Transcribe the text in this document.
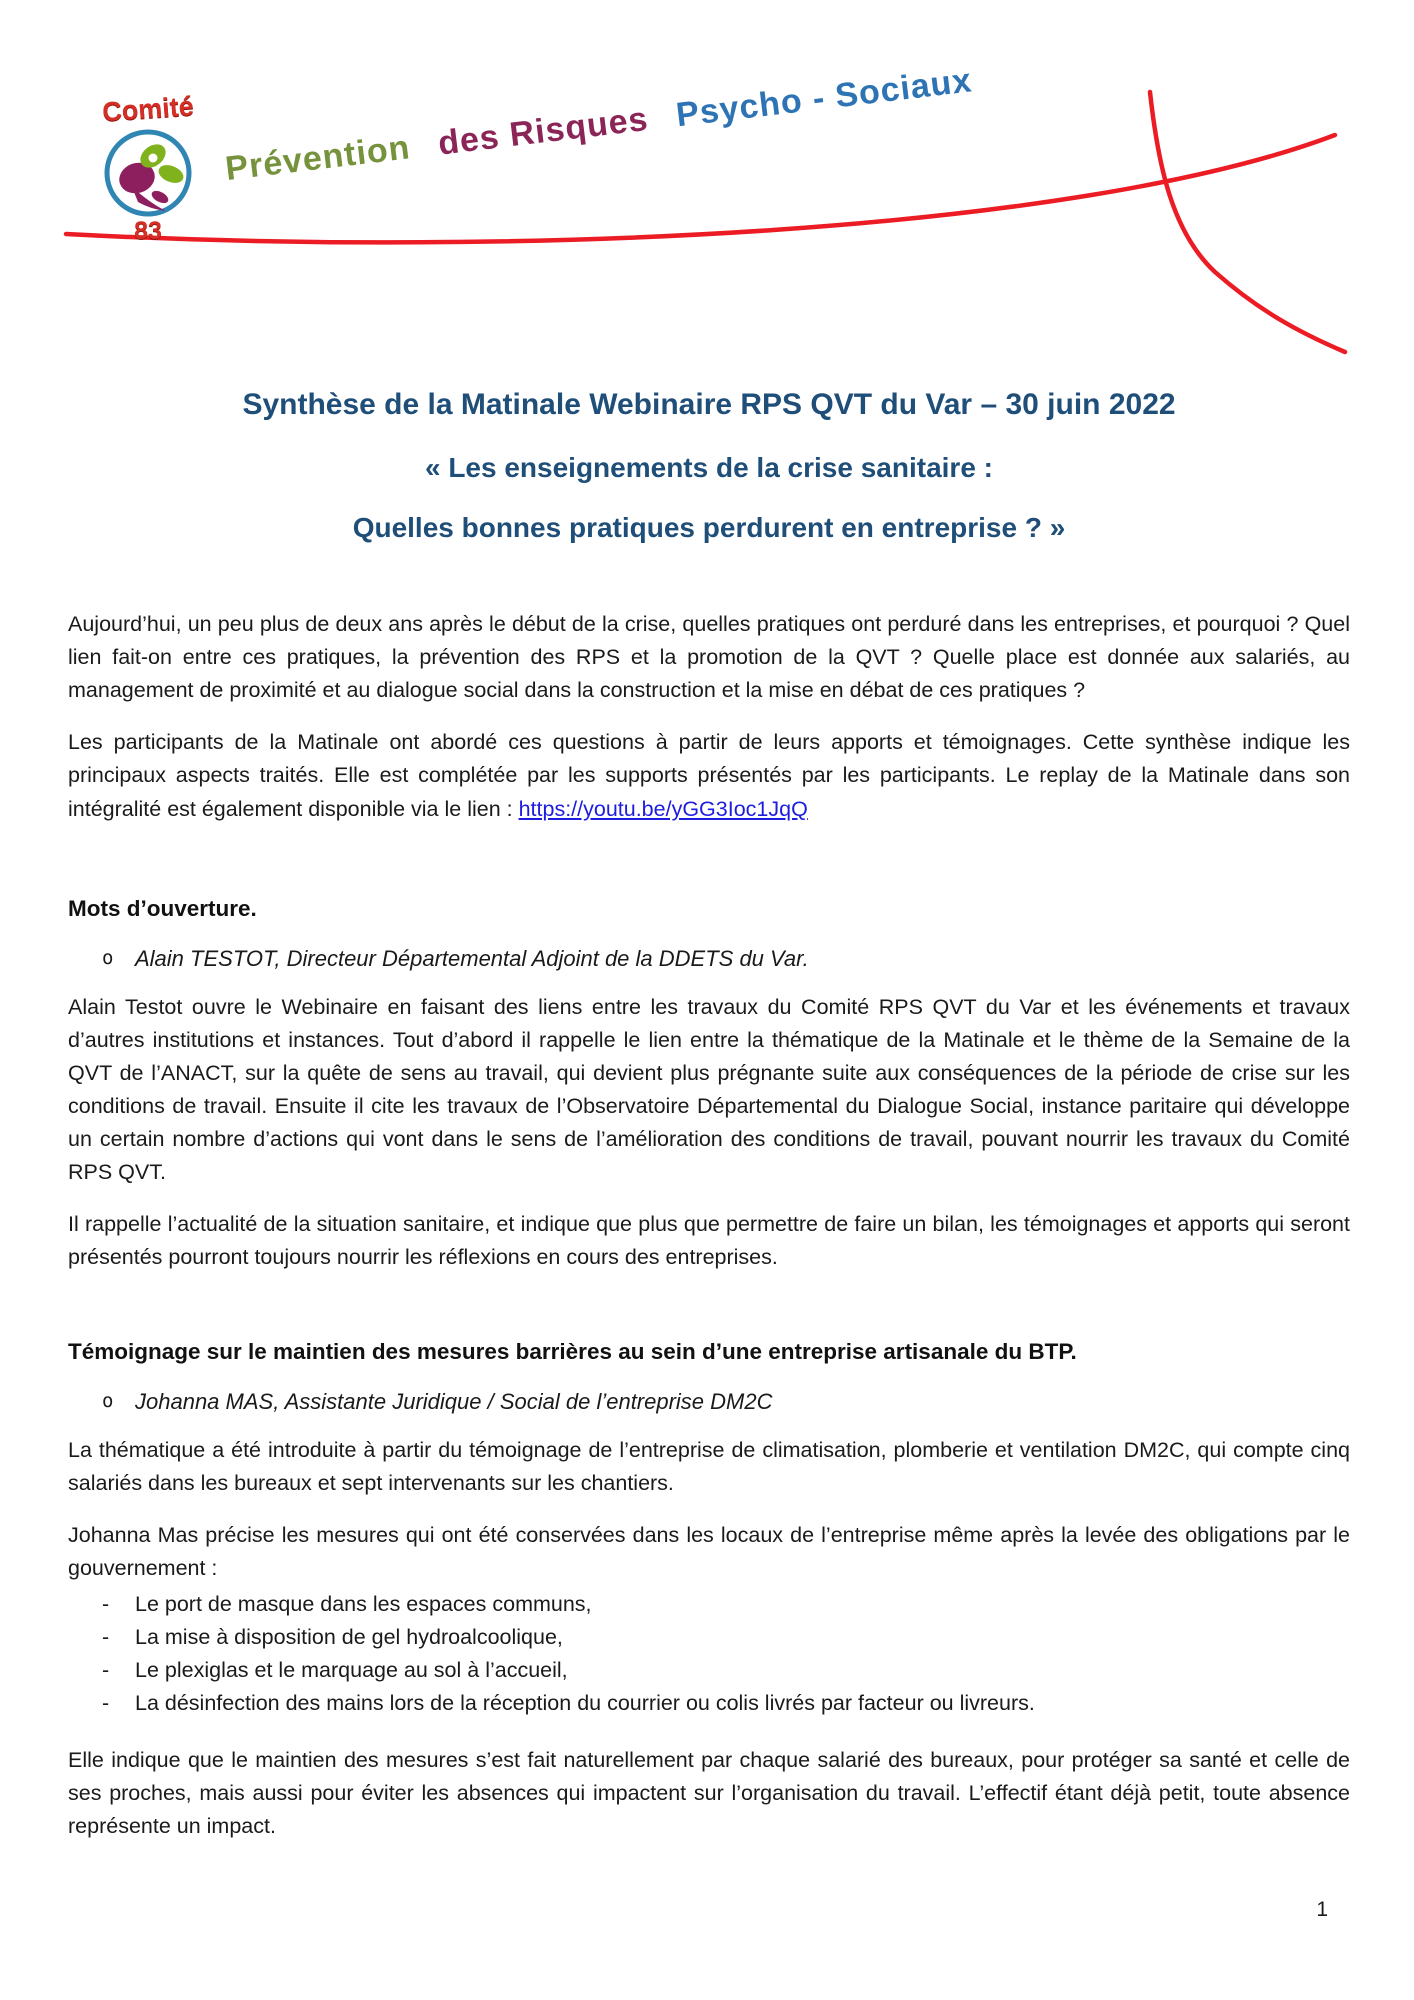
Comité
83
Prévention des Risques Psycho - Sociaux
Synthèse de la Matinale Webinaire RPS QVT du Var – 30 juin 2022
« Les enseignements de la crise sanitaire :
Quelles bonnes pratiques perdurent en entreprise ? »

Aujourd’hui, un peu plus de deux ans après le début de la crise, quelles pratiques ont perduré dans les entreprises, et pourquoi ? Quel lien fait-on entre ces pratiques, la prévention des RPS et la promotion de la QVT ? Quelle place est donnée aux salariés, au management de proximité et au dialogue social dans la construction et la mise en débat de ces pratiques ?

Les participants de la Matinale ont abordé ces questions à partir de leurs apports et témoignages. Cette synthèse indique les principaux aspects traités. Elle est complétée par les supports présentés par les participants. Le replay de la Matinale dans son intégralité est également disponible via le lien : https://youtu.be/yGG3Ioc1JqQ

Mots d’ouverture.
o Alain TESTOT, Directeur Départemental Adjoint de la DDETS du Var.

Alain Testot ouvre le Webinaire en faisant des liens entre les travaux du Comité RPS QVT du Var et les événements et travaux d’autres institutions et instances. Tout d’abord il rappelle le lien entre la thématique de la Matinale et le thème de la Semaine de la QVT de l’ANACT, sur la quête de sens au travail, qui devient plus prégnante suite aux conséquences de la période de crise sur les conditions de travail. Ensuite il cite les travaux de l’Observatoire Départemental du Dialogue Social, instance paritaire qui développe un certain nombre d’actions qui vont dans le sens de l’amélioration des conditions de travail, pouvant nourrir les travaux du Comité RPS QVT.

Il rappelle l’actualité de la situation sanitaire, et indique que plus que permettre de faire un bilan, les témoignages et apports qui seront présentés pourront toujours nourrir les réflexions en cours des entreprises.

Témoignage sur le maintien des mesures barrières au sein d’une entreprise artisanale du BTP.
o Johanna MAS, Assistante Juridique / Social de l’entreprise DM2C

La thématique a été introduite à partir du témoignage de l’entreprise de climatisation, plomberie et ventilation DM2C, qui compte cinq salariés dans les bureaux et sept intervenants sur les chantiers.

Johanna Mas précise les mesures qui ont été conservées dans les locaux de l’entreprise même après la levée des obligations par le gouvernement :

- Le port de masque dans les espaces communs,
- La mise à disposition de gel hydroalcoolique,
- Le plexiglas et le marquage au sol à l’accueil,
- La désinfection des mains lors de la réception du courrier ou colis livrés par facteur ou livreurs.

Elle indique que le maintien des mesures s’est fait naturellement par chaque salarié des bureaux, pour protéger sa santé et celle de ses proches, mais aussi pour éviter les absences qui impactent sur l’organisation du travail. L’effectif étant déjà petit, toute absence représente un impact.

1
